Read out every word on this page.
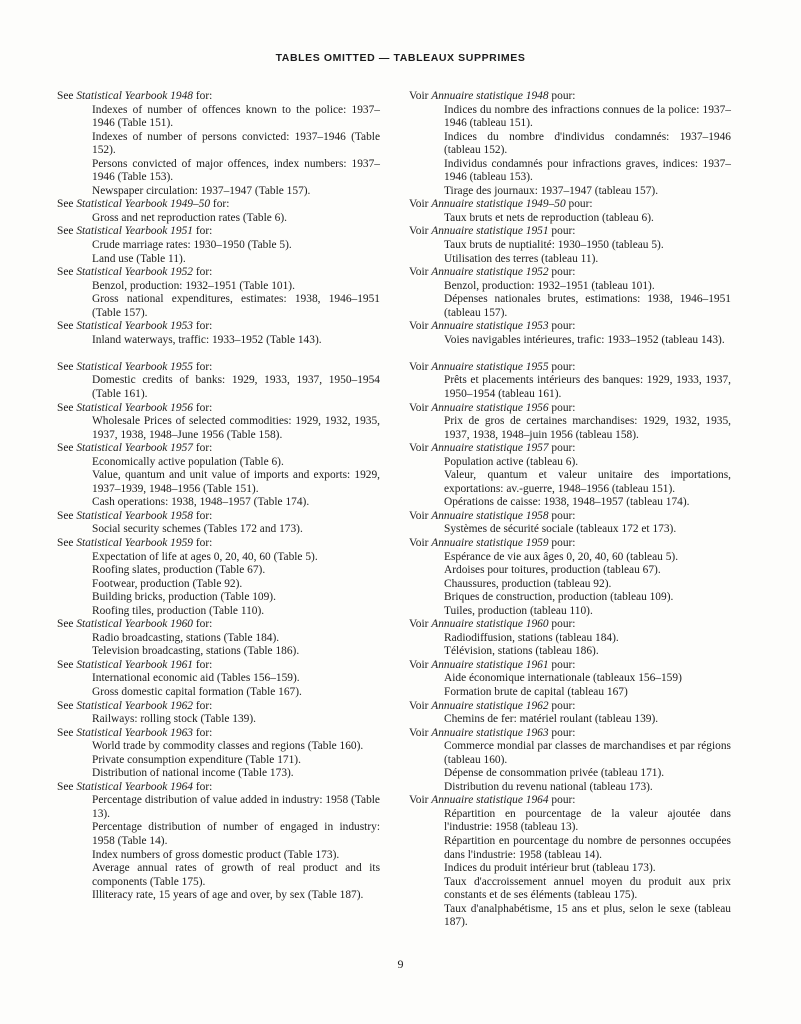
TABLES OMITTED — TABLEAUX SUPPRIMES

See Statistical Yearbook 1948 for:

Indexes of number of offences known to the police: 1937–1946 (Table 151).

Indexes of number of persons convicted: 1937–1946 (Table 152).

Persons convicted of major offences, index numbers: 1937–1946 (Table 153).

Newspaper circulation: 1937–1947 (Table 157).

See Statistical Yearbook 1949–50 for:

Gross and net reproduction rates (Table 6).

See Statistical Yearbook 1951 for:

Crude marriage rates: 1930–1950 (Table 5).

Land use (Table 11).

See Statistical Yearbook 1952 for:

Benzol, production: 1932–1951 (Table 101).

Gross national expenditures, estimates: 1938, 1946–1951 (Table 157).

See Statistical Yearbook 1953 for:

Inland waterways, traffic: 1933–1952 (Table 143).

See Statistical Yearbook 1955 for:

Domestic credits of banks: 1929, 1933, 1937, 1950–1954 (Table 161).

See Statistical Yearbook 1956 for:

Wholesale Prices of selected commodities: 1929, 1932, 1935, 1937, 1938, 1948–June 1956 (Table 158).

See Statistical Yearbook 1957 for:

Economically active population (Table 6).

Value, quantum and unit value of imports and exports: 1929, 1937–1939, 1948–1956 (Table 151).

Cash operations: 1938, 1948–1957 (Table 174).

See Statistical Yearbook 1958 for:

Social security schemes (Tables 172 and 173).

See Statistical Yearbook 1959 for:

Expectation of life at ages 0, 20, 40, 60 (Table 5).

Roofing slates, production (Table 67).

Footwear, production (Table 92).

Building bricks, production (Table 109).

Roofing tiles, production (Table 110).

See Statistical Yearbook 1960 for:

Radio broadcasting, stations (Table 184).

Television broadcasting, stations (Table 186).

See Statistical Yearbook 1961 for:

International economic aid (Tables 156–159).

Gross domestic capital formation (Table 167).

See Statistical Yearbook 1962 for:

Railways: rolling stock (Table 139).

See Statistical Yearbook 1963 for:

World trade by commodity classes and regions (Table 160).

Private consumption expenditure (Table 171).

Distribution of national income (Table 173).

See Statistical Yearbook 1964 for:

Percentage distribution of value added in industry: 1958 (Table 13).

Percentage distribution of number of engaged in industry: 1958 (Table 14).

Index numbers of gross domestic product (Table 173).

Average annual rates of growth of real product and its components (Table 175).

Illiteracy rate, 15 years of age and over, by sex (Table 187).

Voir Annuaire statistique 1948 pour:

Indices du nombre des infractions connues de la police: 1937–1946 (tableau 151).

Indices du nombre d'individus condamnés: 1937–1946 (tableau 152).

Individus condamnés pour infractions graves, indices: 1937–1946 (tableau 153).

Tirage des journaux: 1937–1947 (tableau 157).

Voir Annuaire statistique 1949–50 pour:

Taux bruts et nets de reproduction (tableau 6).

Voir Annuaire statistique 1951 pour:

Taux bruts de nuptialité: 1930–1950 (tableau 5).

Utilisation des terres (tableau 11).

Voir Annuaire statistique 1952 pour:

Benzol, production: 1932–1951 (tableau 101).

Dépenses nationales brutes, estimations: 1938, 1946–1951 (tableau 157).

Voir Annuaire statistique 1953 pour:

Voies navigables intérieures, trafic: 1933–1952 (tableau 143).

Voir Annuaire statistique 1955 pour:

Prêts et placements intérieurs des banques: 1929, 1933, 1937, 1950–1954 (tableau 161).

Voir Annuaire statistique 1956 pour:

Prix de gros de certaines marchandises: 1929, 1932, 1935, 1937, 1938, 1948–juin 1956 (tableau 158).

Voir Annuaire statistique 1957 pour:

Population active (tableau 6).

Valeur, quantum et valeur unitaire des importations, exportations: av.-guerre, 1948–1956 (tableau 151).

Opérations de caisse: 1938, 1948–1957 (tableau 174).

Voir Annuaire statistique 1958 pour:

Systèmes de sécurité sociale (tableaux 172 et 173).

Voir Annuaire statistique 1959 pour:

Espérance de vie aux âges 0, 20, 40, 60 (tableau 5).

Ardoises pour toitures, production (tableau 67).

Chaussures, production (tableau 92).

Briques de construction, production (tableau 109).

Tuiles, production (tableau 110).

Voir Annuaire statistique 1960 pour:

Radiodiffusion, stations (tableau 184).

Télévision, stations (tableau 186).

Voir Annuaire statistique 1961 pour:

Aide économique internationale (tableaux 156–159)

Formation brute de capital (tableau 167)

Voir Annuaire statistique 1962 pour:

Chemins de fer: matériel roulant (tableau 139).

Voir Annuaire statistique 1963 pour:

Commerce mondial par classes de marchandises et par régions (tableau 160).

Dépense de consommation privée (tableau 171).

Distribution du revenu national (tableau 173).

Voir Annuaire statistique 1964 pour:

Répartition en pourcentage de la valeur ajoutée dans l'industrie: 1958 (tableau 13).

Répartition en pourcentage du nombre de personnes occupées dans l'industrie: 1958 (tableau 14).

Indices du produit intérieur brut (tableau 173).

Taux d'accroissement annuel moyen du produit aux prix constants et de ses éléments (tableau 175).

Taux d'analphabétisme, 15 ans et plus, selon le sexe (tableau 187).

9
